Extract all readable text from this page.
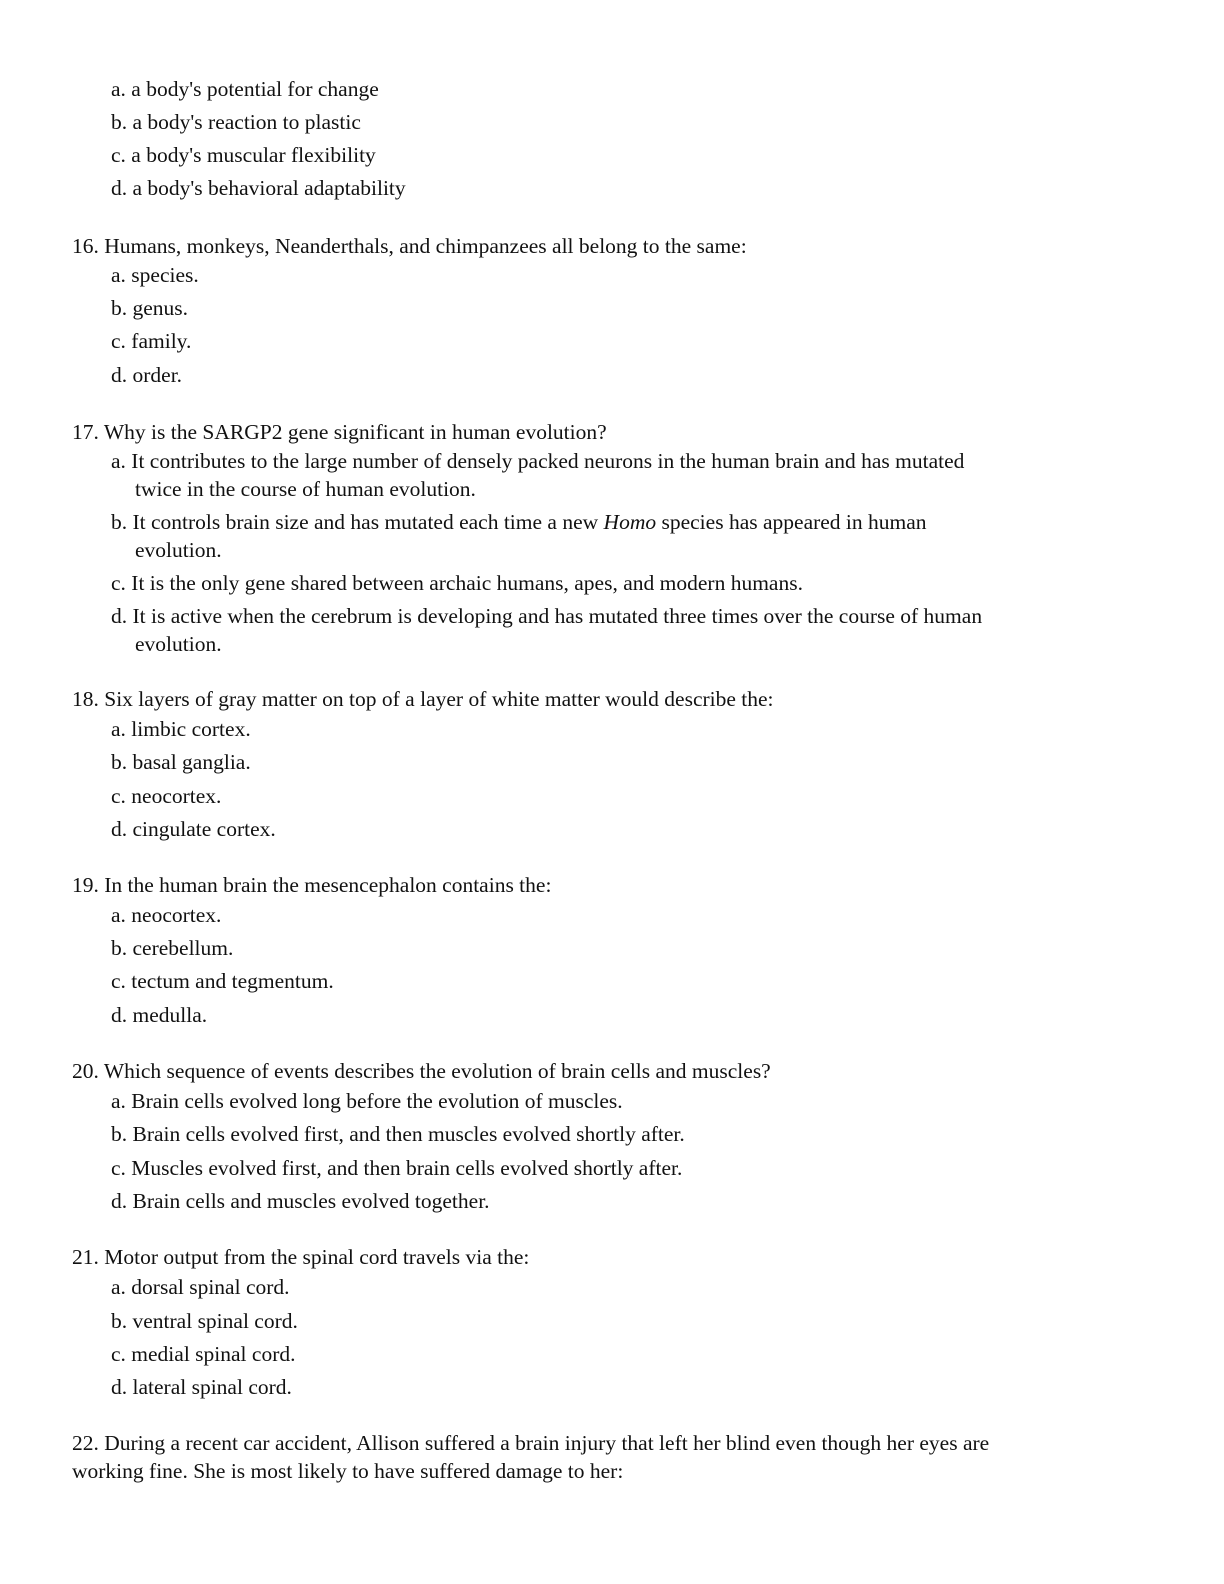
a. a body's potential for change
b. a body's reaction to plastic
c. a body's muscular flexibility
d. a body's behavioral adaptability
16. Humans, monkeys, Neanderthals, and chimpanzees all belong to the same:
a. species.
b. genus.
c. family.
d. order.
17. Why is the SARGP2 gene significant in human evolution?
a. It contributes to the large number of densely packed neurons in the human brain and has mutated
twice in the course of human evolution.
b. It controls brain size and has mutated each time a new Homo species has appeared in human
evolution.
c. It is the only gene shared between archaic humans, apes, and modern humans.
d. It is active when the cerebrum is developing and has mutated three times over the course of human
evolution.
18. Six layers of gray matter on top of a layer of white matter would describe the:
a. limbic cortex.
b. basal ganglia.
c. neocortex.
d. cingulate cortex.
19. In the human brain the mesencephalon contains the:
a. neocortex.
b. cerebellum.
c. tectum and tegmentum.
d. medulla.
20. Which sequence of events describes the evolution of brain cells and muscles?
a. Brain cells evolved long before the evolution of muscles.
b. Brain cells evolved first, and then muscles evolved shortly after.
c. Muscles evolved first, and then brain cells evolved shortly after.
d. Brain cells and muscles evolved together.
21. Motor output from the spinal cord travels via the:
a. dorsal spinal cord.
b. ventral spinal cord.
c. medial spinal cord.
d. lateral spinal cord.
22. During a recent car accident, Allison suffered a brain injury that left her blind even though her eyes are
working fine. She is most likely to have suffered damage to her:
